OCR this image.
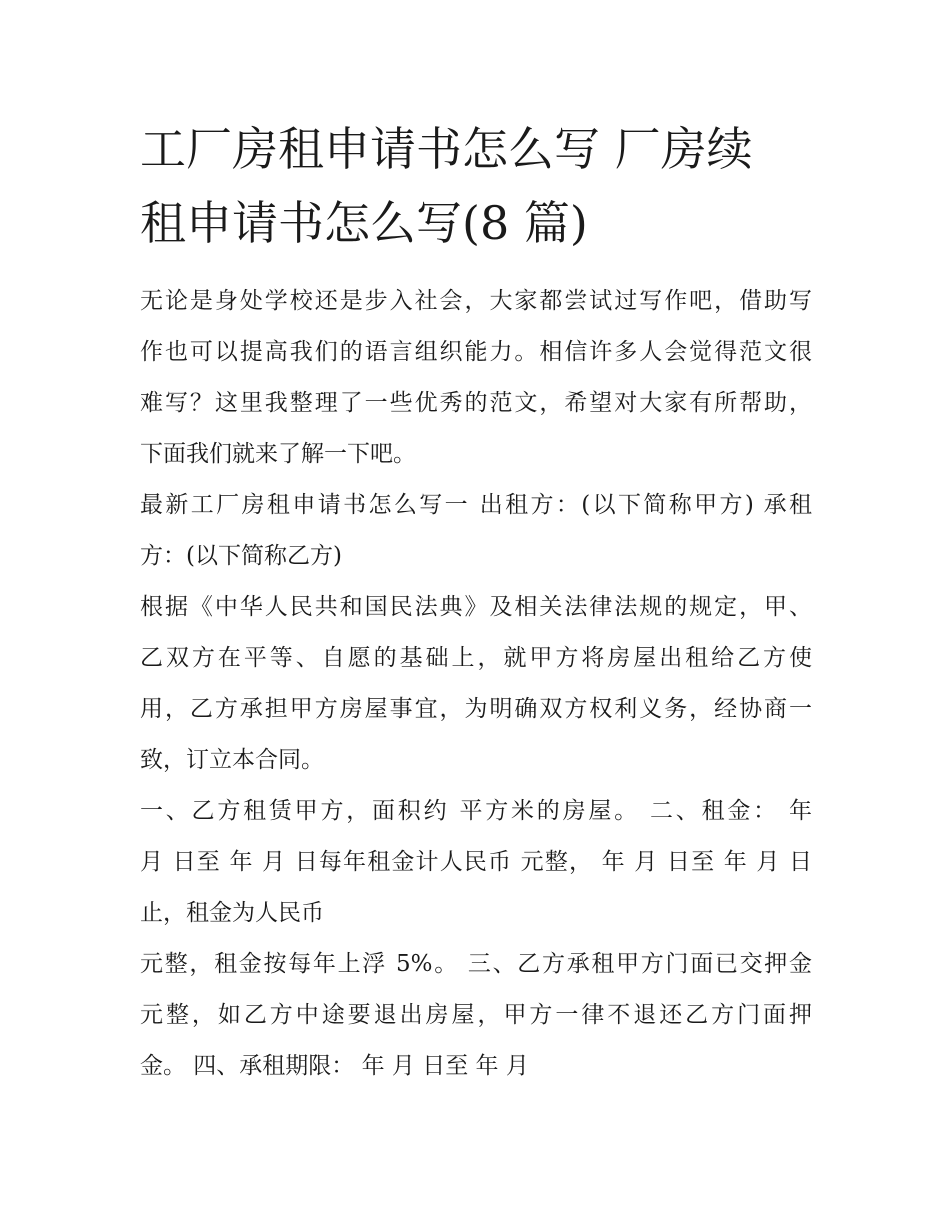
工厂房租申请书怎么写 厂房续
租申请书怎么写(8 篇)
无论是身处学校还是步入社会，大家都尝试过写作吧，借助写
作也可以提高我们的语言组织能力。相信许多人会觉得范文很
难写？这里我整理了一些优秀的范文，希望对大家有所帮助，
下面我们就来了解一下吧。
最新工厂房租申请书怎么写一 出租方：(以下简称甲方) 承租
方：(以下简称乙方)
根据《中华人民共和国民法典》及相关法律法规的规定，甲、
乙双方在平等、自愿的基础上，就甲方将房屋出租给乙方使
用，乙方承担甲方房屋事宜，为明确双方权利义务，经协商一
致，订立本合同。
一、乙方租赁甲方，面积约 平方米的房屋。 二、租金： 年
月 日至 年 月 日每年租金计人民币 元整， 年 月 日至 年 月 日
止，租金为人民币
元整，租金按每年上浮 5%。 三、乙方承租甲方门面已交押金
元整，如乙方中途要退出房屋，甲方一律不退还乙方门面押
金。 四、承租期限： 年 月 日至 年 月
